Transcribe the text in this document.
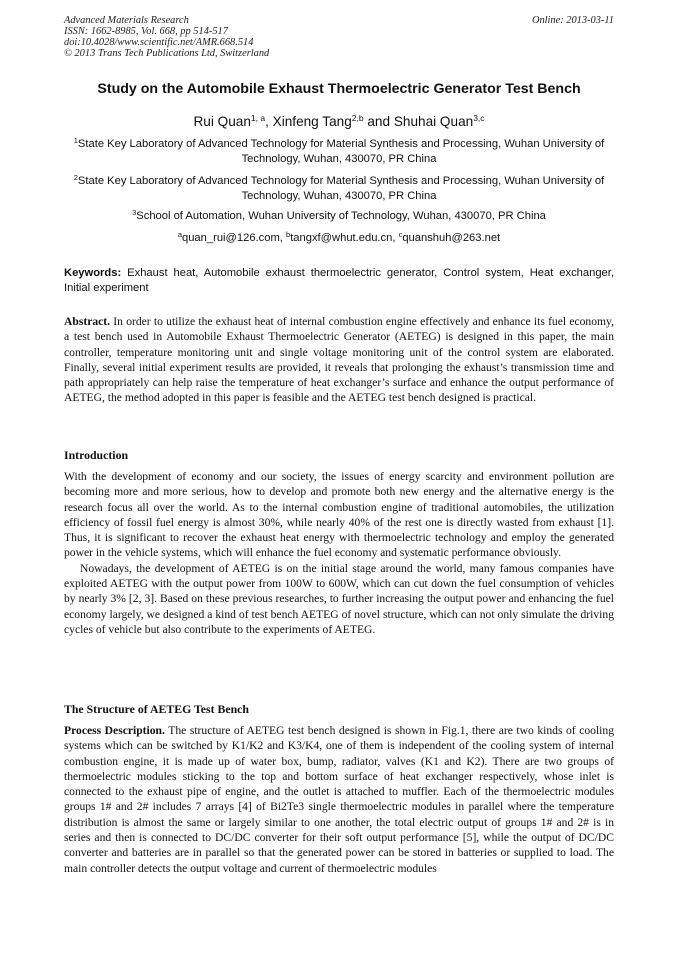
Advanced Materials Research
ISSN: 1662-8985, Vol. 668, pp 514-517
doi:10.4028/www.scientific.net/AMR.668.514
© 2013 Trans Tech Publications Ltd, Switzerland
Online: 2013-03-11
Study on the Automobile Exhaust Thermoelectric Generator Test Bench
Rui Quan$^{1, a}$, Xinfeng Tang$^{2,b}$ and Shuhai Quan$^{3,c}$
$^1$State Key Laboratory of Advanced Technology for Material Synthesis and Processing, Wuhan University of Technology, Wuhan, 430070, PR China
$^2$State Key Laboratory of Advanced Technology for Material Synthesis and Processing, Wuhan University of Technology, Wuhan, 430070, PR China
$^3$School of Automation, Wuhan University of Technology, Wuhan, 430070, PR China
$^a$quan_rui@126.com, $^b$tangxf@whut.edu.cn, $^c$quanshuh@263.net
Keywords: Exhaust heat, Automobile exhaust thermoelectric generator, Control system, Heat exchanger, Initial experiment

Abstract. In order to utilize the exhaust heat of internal combustion engine effectively and enhance its fuel economy, a test bench used in Automobile Exhaust Thermoelectric Generator (AETEG) is designed in this paper, the main controller, temperature monitoring unit and single voltage monitoring unit of the control system are elaborated. Finally, several initial experiment results are provided, it reveals that prolonging the exhaust’s transmission time and path appropriately can help raise the temperature of heat exchanger’s surface and enhance the output performance of AETEG, the method adopted in this paper is feasible and the AETEG test bench designed is practical.

Introduction

With the development of economy and our society, the issues of energy scarcity and environment pollution are becoming more and more serious, how to develop and promote both new energy and the alternative energy is the research focus all over the world. As to the internal combustion engine of traditional automobiles, the utilization efficiency of fossil fuel energy is almost 30%, while nearly 40% of the rest one is directly wasted from exhaust [1]. Thus, it is significant to recover the exhaust heat energy with thermoelectric technology and employ the generated power in the vehicle systems, which will enhance the fuel economy and systematic performance obviously.

Nowadays, the development of AETEG is on the initial stage around the world, many famous companies have exploited AETEG with the output power from 100W to 600W, which can cut down the fuel consumption of vehicles by nearly 3% [2, 3]. Based on these previous researches, to further increasing the output power and enhancing the fuel economy largely, we designed a kind of test bench AETEG of novel structure, which can not only simulate the driving cycles of vehicle but also contribute to the experiments of AETEG.

The Structure of AETEG Test Bench

Process Description. The structure of AETEG test bench designed is shown in Fig.1, there are two kinds of cooling systems which can be switched by K1/K2 and K3/K4, one of them is independent of the cooling system of internal combustion engine, it is made up of water box, bump, radiator, valves (K1 and K2). There are two groups of thermoelectric modules sticking to the top and bottom surface of heat exchanger respectively, whose inlet is connected to the exhaust pipe of engine, and the outlet is attached to muffler. Each of the thermoelectric modules groups 1# and 2# includes 7 arrays [4] of Bi2Te3 single thermoelectric modules in parallel where the temperature distribution is almost the same or largely similar to one another, the total electric output of groups 1# and 2# is in series and then is connected to DC/DC converter for their soft output performance [5], while the output of DC/DC converter and batteries are in parallel so that the generated power can be stored in batteries or supplied to load. The main controller detects the output voltage and current of thermoelectric modules
